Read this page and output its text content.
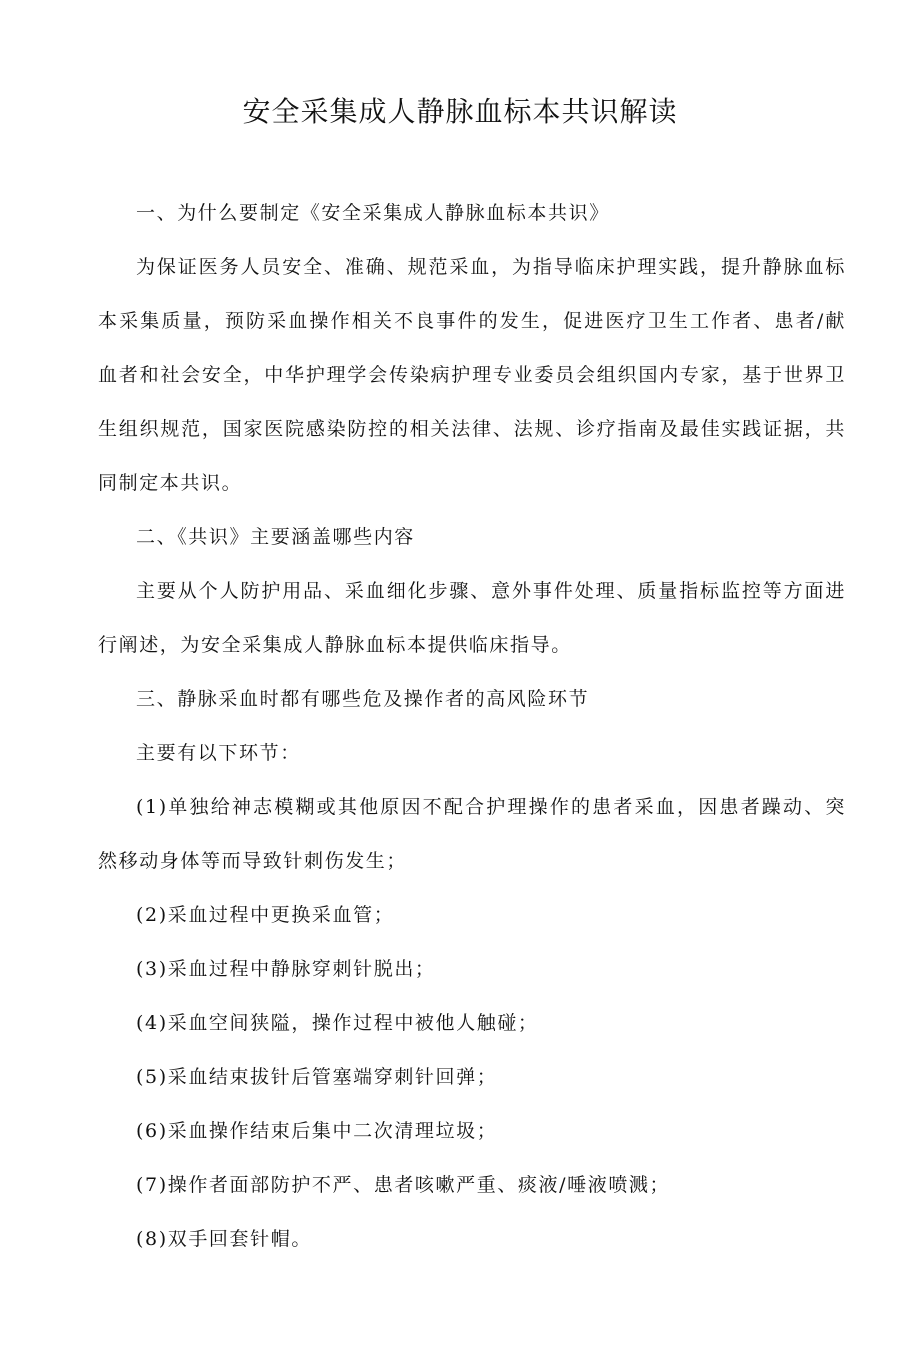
安全采集成人静脉血标本共识解读

一、为什么要制定《安全采集成人静脉血标本共识》

为保证医务人员安全、准确、规范采血，为指导临床护理实践，提升静脉血标本采集质量，预防采血操作相关不良事件的发生，促进医疗卫生工作者、患者/献血者和社会安全，中华护理学会传染病护理专业委员会组织国内专家，基于世界卫生组织规范，国家医院感染防控的相关法律、法规、诊疗指南及最佳实践证据，共同制定本共识。

二、《共识》主要涵盖哪些内容

主要从个人防护用品、采血细化步骤、意外事件处理、质量指标监控等方面进行阐述，为安全采集成人静脉血标本提供临床指导。

三、静脉采血时都有哪些危及操作者的高风险环节

主要有以下环节：

(1)单独给神志模糊或其他原因不配合护理操作的患者采血，因患者躁动、突然移动身体等而导致针刺伤发生；

(2)采血过程中更换采血管；

(3)采血过程中静脉穿刺针脱出；

(4)采血空间狭隘，操作过程中被他人触碰；

(5)采血结束拔针后管塞端穿刺针回弹；

(6)采血操作结束后集中二次清理垃圾；

(7)操作者面部防护不严、患者咳嗽严重、痰液/唾液喷溅；

(8)双手回套针帽。
